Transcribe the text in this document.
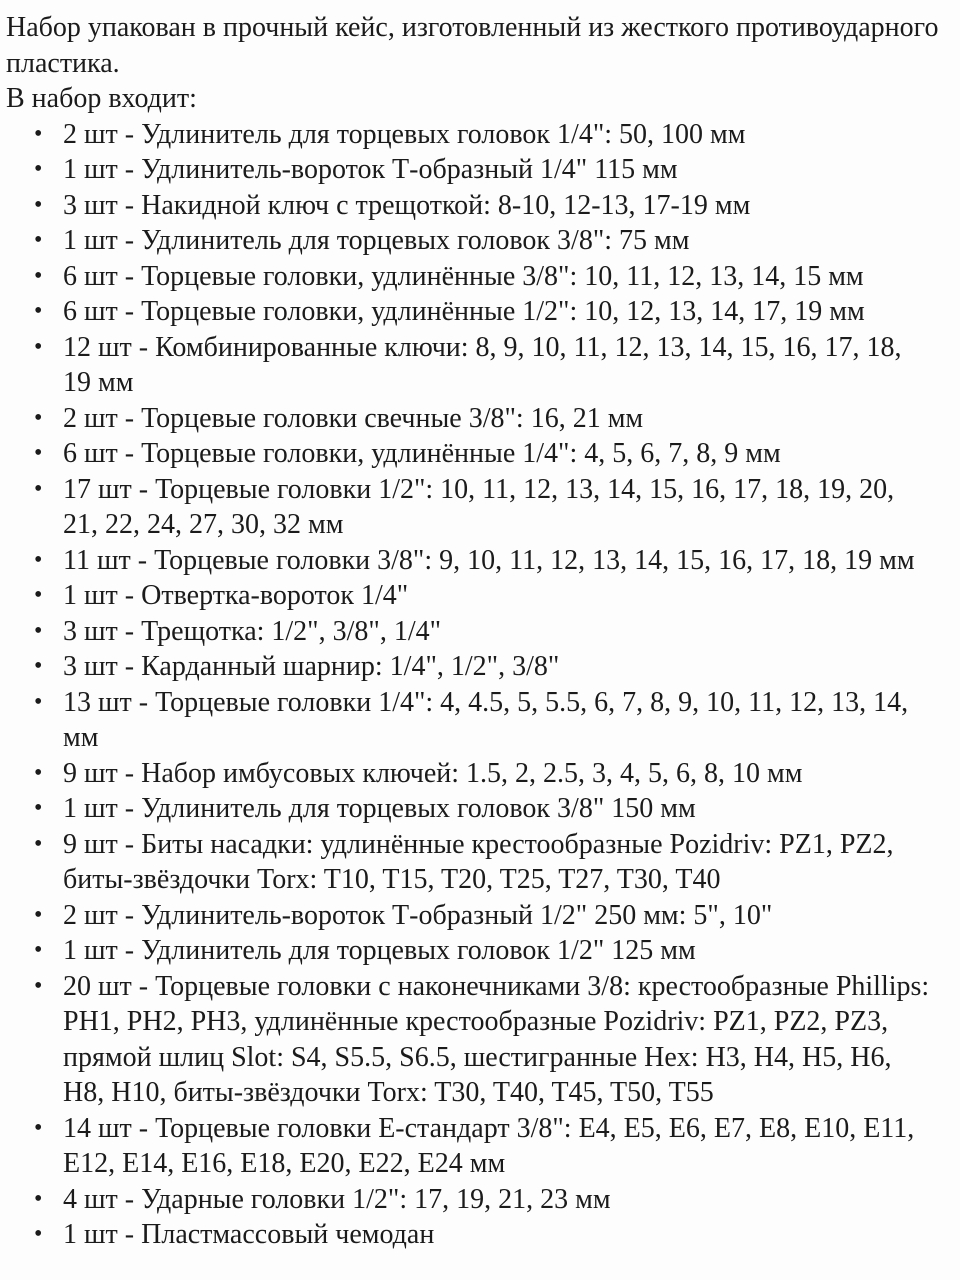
Набор упакован в прочный кейс, изготовленный из жесткого противоударного пластика.

В набор входит:

• 2 шт - Удлинитель для торцевых головок 1/4": 50, 100 мм
• 1 шт - Удлинитель-вороток Т-образный 1/4" 115 мм
• 3 шт - Накидной ключ с трещоткой: 8-10, 12-13, 17-19 мм
• 1 шт - Удлинитель для торцевых головок 3/8": 75 мм
• 6 шт - Торцевые головки, удлинённые 3/8": 10, 11, 12, 13, 14, 15 мм
• 6 шт - Торцевые головки, удлинённые 1/2": 10, 12, 13, 14, 17, 19 мм
• 12 шт - Комбинированные ключи: 8, 9, 10, 11, 12, 13, 14, 15, 16, 17, 18, 19 мм
• 2 шт - Торцевые головки свечные 3/8": 16, 21 мм
• 6 шт - Торцевые головки, удлинённые 1/4": 4, 5, 6, 7, 8, 9 мм
• 17 шт - Торцевые головки 1/2": 10, 11, 12, 13, 14, 15, 16, 17, 18, 19, 20, 21, 22, 24, 27, 30, 32 мм
• 11 шт - Торцевые головки 3/8": 9, 10, 11, 12, 13, 14, 15, 16, 17, 18, 19 мм
• 1 шт - Отвертка-вороток 1/4"
• 3 шт - Трещотка: 1/2", 3/8", 1/4"
• 3 шт - Карданный шарнир: 1/4", 1/2", 3/8"
• 13 шт - Торцевые головки 1/4": 4, 4.5, 5, 5.5, 6, 7, 8, 9, 10, 11, 12, 13, 14, мм
• 9 шт - Набор имбусовых ключей: 1.5, 2, 2.5, 3, 4, 5, 6, 8, 10 мм
• 1 шт - Удлинитель для торцевых головок 3/8" 150 мм
• 9 шт - Биты насадки: удлинённые крестообразные Pozidriv: PZ1, PZ2, биты-звёздочки Torx: T10, T15, T20, T25, T27, T30, T40
• 2 шт - Удлинитель-вороток Т-образный 1/2" 250 мм: 5", 10"
• 1 шт - Удлинитель для торцевых головок 1/2" 125 мм
• 20 шт - Торцевые головки с наконечниками 3/8: крестообразные Phillips: PH1, PH2, PH3, удлинённые крестообразные Pozidriv: PZ1, PZ2, PZ3, прямой шлиц Slot: S4, S5.5, S6.5, шестигранные Hex: H3, H4, H5, H6, H8, H10, биты-звёздочки Torx: T30, T40, T45, T50, T55
• 14 шт - Торцевые головки Е-стандарт 3/8": E4, E5, E6, E7, E8, E10, E11, E12, E14, E16, E18, E20, E22, E24 мм
• 4 шт - Ударные головки 1/2": 17, 19, 21, 23 мм
• 1 шт - Пластмассовый чемодан
